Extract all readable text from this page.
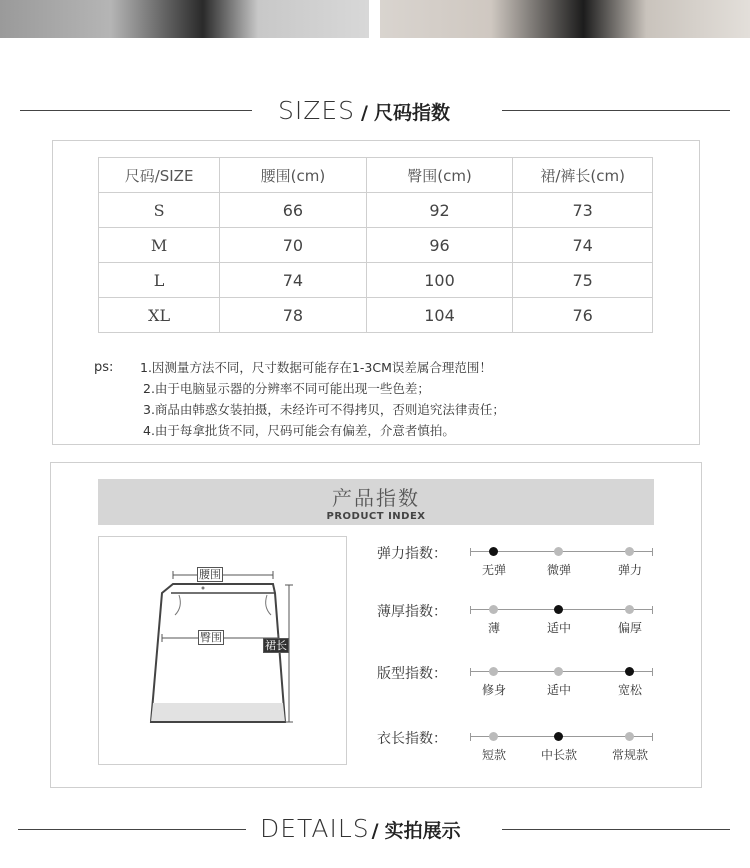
SIZES / 尺码指数
尺码/SIZE	腰围(cm)	臀围(cm)	裙/裤长(cm)
S	66	92	73
M	70	96	74
L	74	100	75
XL	78	104	76
ps: 1.因测量方法不同，尺寸数据可能存在1-3CM误差属合理范围！
2.由于电脑显示器的分辨率不同可能出现一些色差；
3.商品由韩惑女装拍摄，未经许可不得拷贝，否则追究法律责任；
4.由于每拿批货不同，尺码可能会有偏差，介意者慎拍。
产品指数
PRODUCT INDEX
腰围
臀围
裙长
弹力指数：
无弹	微弹	弹力
薄厚指数：
薄	适中	偏厚
版型指数：
修身	适中	宽松
衣长指数：
短款	中长款	常规款
DETAILS / 实拍展示
